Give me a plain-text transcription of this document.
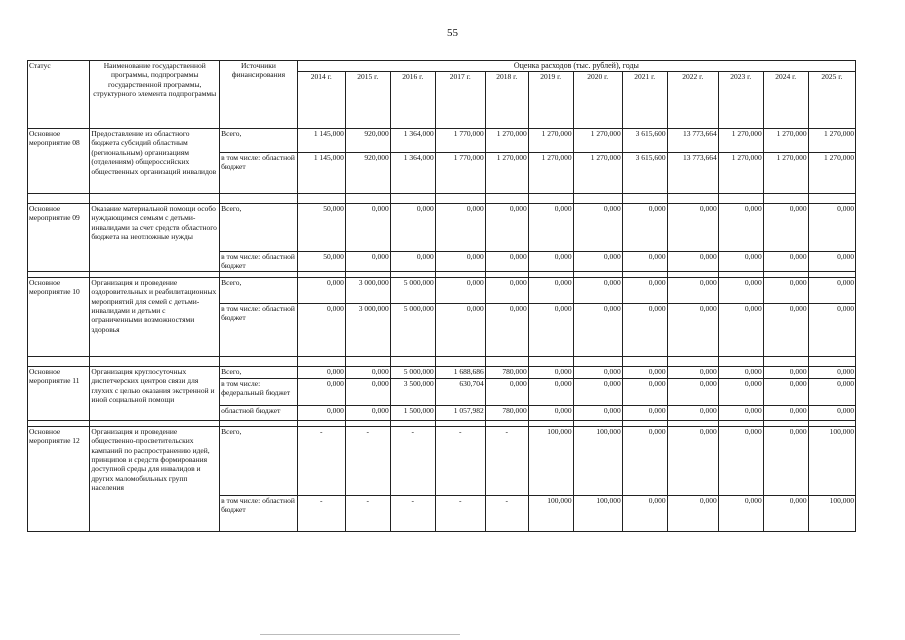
55
Статус	Наименование государственной программы, подпрограммы государственной программы, структурного элемента подпрограммы	Источники финансирования	Оценка расходов (тыс. рублей), годы											
			2014 г.	2015 г.	2016 г.	2017 г.	2018 г.	2019 г.	2020 г.	2021 г.	2022 г.	2023 г.	2024 г.	2025 г.
Основное мероприятие 08	Предоставление из областного бюджета субсидий областным (региональным) организациям (отделениям) общероссийских общественных организаций инвалидов	Всего,	1 145,000	920,000	1 364,000	1 770,000	1 270,000	1 270,000	1 270,000	3 615,600	13 773,664	1 270,000	1 270,000	1 270,000
		в том числе: областной бюджет	1 145,000	920,000	1 364,000	1 770,000	1 270,000	1 270,000	1 270,000	3 615,600	13 773,664	1 270,000	1 270,000	1 270,000

Основное мероприятие 09	Оказание материальной помощи особо нуждающимся семьям с детьми-инвалидами за счет средств областного бюджета на неотложные нужды	Всего,	50,000	0,000	0,000	0,000	0,000	0,000	0,000	0,000	0,000	0,000	0,000	0,000
		в том числе: областной бюджет	50,000	0,000	0,000	0,000	0,000	0,000	0,000	0,000	0,000	0,000	0,000	0,000

Основное мероприятие 10	Организация и проведение оздоровительных и реабилитационных мероприятий для семей с детьми-инвалидами и детьми с ограниченными возможностями здоровья	Всего,	0,000	3 000,000	5 000,000	0,000	0,000	0,000	0,000	0,000	0,000	0,000	0,000	0,000
		в том числе: областной бюджет	0,000	3 000,000	5 000,000	0,000	0,000	0,000	0,000	0,000	0,000	0,000	0,000	0,000

Основное мероприятие 11	Организация круглосуточных диспетчерских центров связи для глухих с целью оказания экстренной и иной социальной помощи	Всего,	0,000	0,000	5 000,000	1 688,686	780,000	0,000	0,000	0,000	0,000	0,000	0,000	0,000
		в том числе: федеральный бюджет	0,000	0,000	3 500,000	630,704	0,000	0,000	0,000	0,000	0,000	0,000	0,000	0,000
		областной бюджет	0,000	0,000	1 500,000	1 057,982	780,000	0,000	0,000	0,000	0,000	0,000	0,000	0,000

Основное мероприятие 12	Организация и проведение общественно-просветительских кампаний по распространению идей, принципов и средств формирования доступной среды для инвалидов и других маломобильных групп населения	Всего,	-	-	-	-	-	100,000	100,000	0,000	0,000	0,000	0,000	100,000
		в том числе: областной бюджет	-	-	-	-	-	100,000	100,000	0,000	0,000	0,000	0,000	100,000
